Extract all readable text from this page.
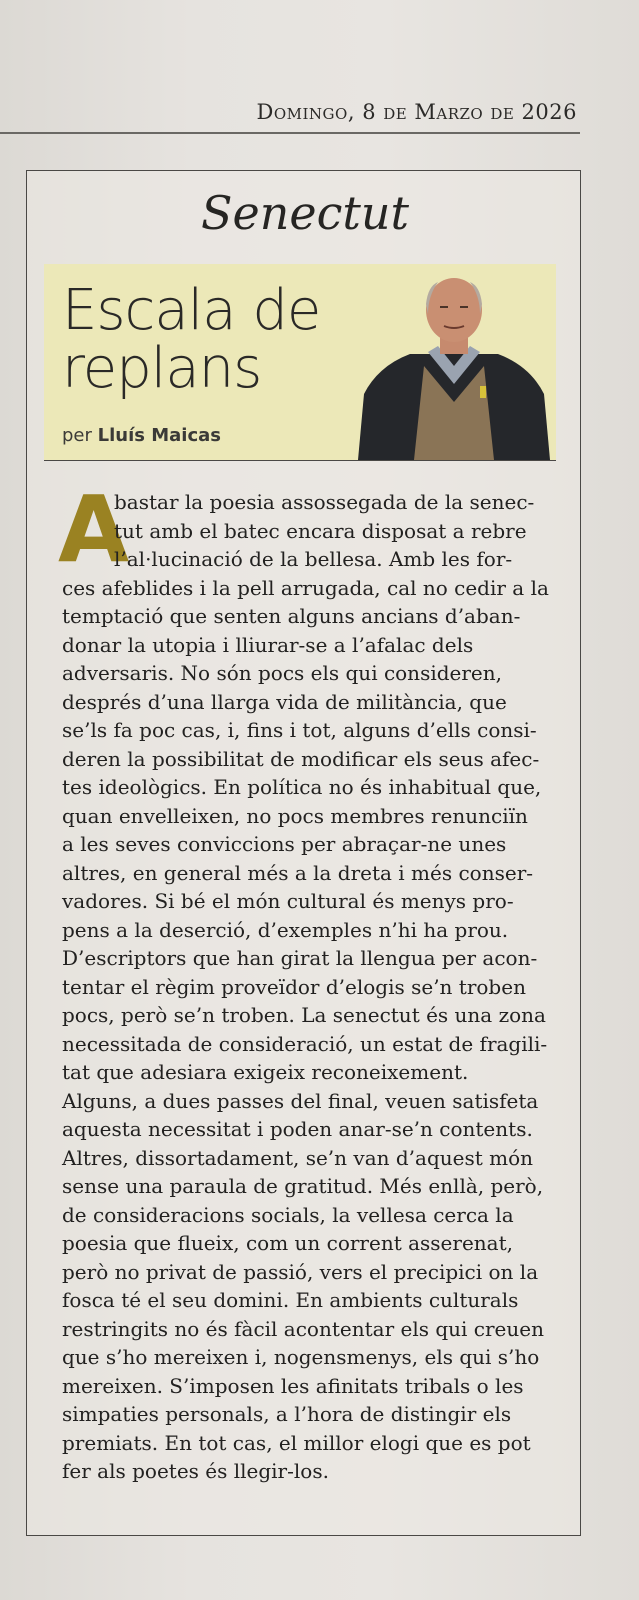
Domingo, 8 de Marzo de 2026
Senectut
Escala de
replans
per Lluís Maicas
A
bastar la poesia assossegada de la senec-
tut amb el batec encara disposat a rebre
l’al·lucinació de la bellesa. Amb les for-
ces afeblides i la pell arrugada, cal no cedir a la
temptació que senten alguns ancians d’aban-
donar la utopia i lliurar-se a l’afalac dels
adversaris. No són pocs els qui consideren,
després d’una llarga vida de militància, que
se’ls fa poc cas, i, fins i tot, alguns d’ells consi-
deren la possibilitat de modificar els seus afec-
tes ideològics. En política no és inhabitual que,
quan envelleixen, no pocs membres renunciïn
a les seves conviccions per abraçar-ne unes
altres, en general més a la dreta i més conser-
vadores. Si bé el món cultural és menys pro-
pens a la deserció, d’exemples n’hi ha prou.
D’escriptors que han girat la llengua per acon-
tentar el règim proveïdor d’elogis se’n troben
pocs, però se’n troben. La senectut és una zona
necessitada de consideració, un estat de fragili-
tat que adesiara exigeix reconeixement.
Alguns, a dues passes del final, veuen satisfeta
aquesta necessitat i poden anar-se’n contents.
Altres, dissortadament, se’n van d’aquest món
sense una paraula de gratitud. Més enllà, però,
de consideracions socials, la vellesa cerca la
poesia que flueix, com un corrent asserenat,
però no privat de passió, vers el precipici on la
fosca té el seu domini. En ambients culturals
restringits no és fàcil acontentar els qui creuen
que s’ho mereixen i, nogensmenys, els qui s’ho
mereixen. S’imposen les afinitats tribals o les
simpaties personals, a l’hora de distingir els
premiats. En tot cas, el millor elogi que es pot
fer als poetes és llegir-los.
